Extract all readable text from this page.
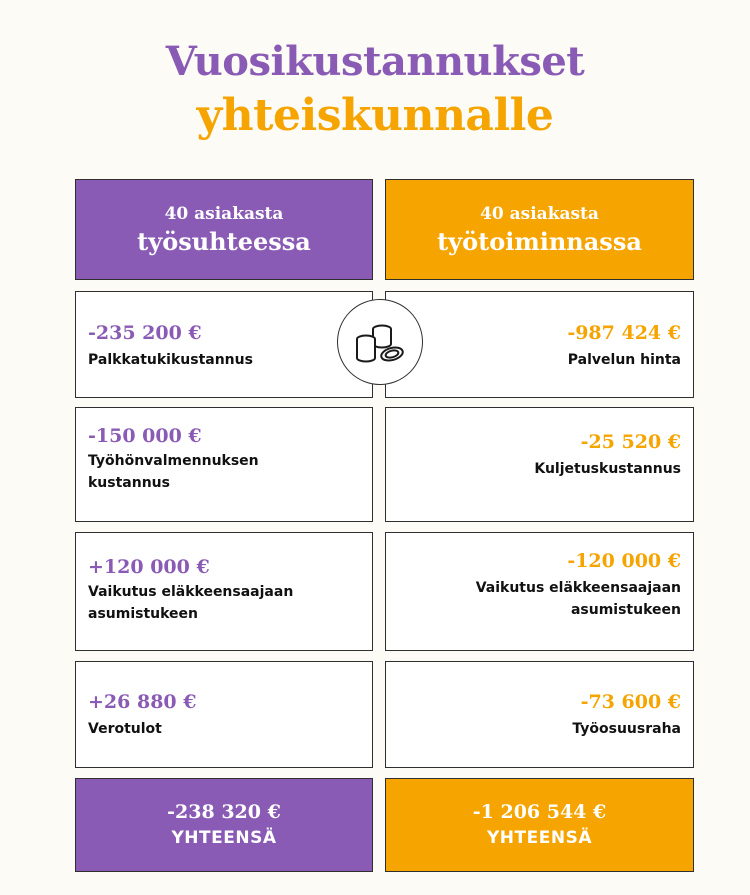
Vuosikustannukset
yhteiskunnalle
40 asiakasta
työsuhteessa
40 asiakasta
työtoiminnassa

-235 200 €

Palkkatukikustannus

-987 424 €

Palvelun hinta

-150 000 €

Työhönvalmennuksen kustannus

-25 520 €

Kuljetuskustannus

+120 000 €

Vaikutus eläkkeensaajaan asumistukeen

-120 000 €

Vaikutus eläkkeensaajaan asumistukeen

+26 880 €

Verotulot

-73 600 €

Työosuusraha

-238 320 €
YHTEENSÄ
-1 206 544 €
YHTEENSÄ
